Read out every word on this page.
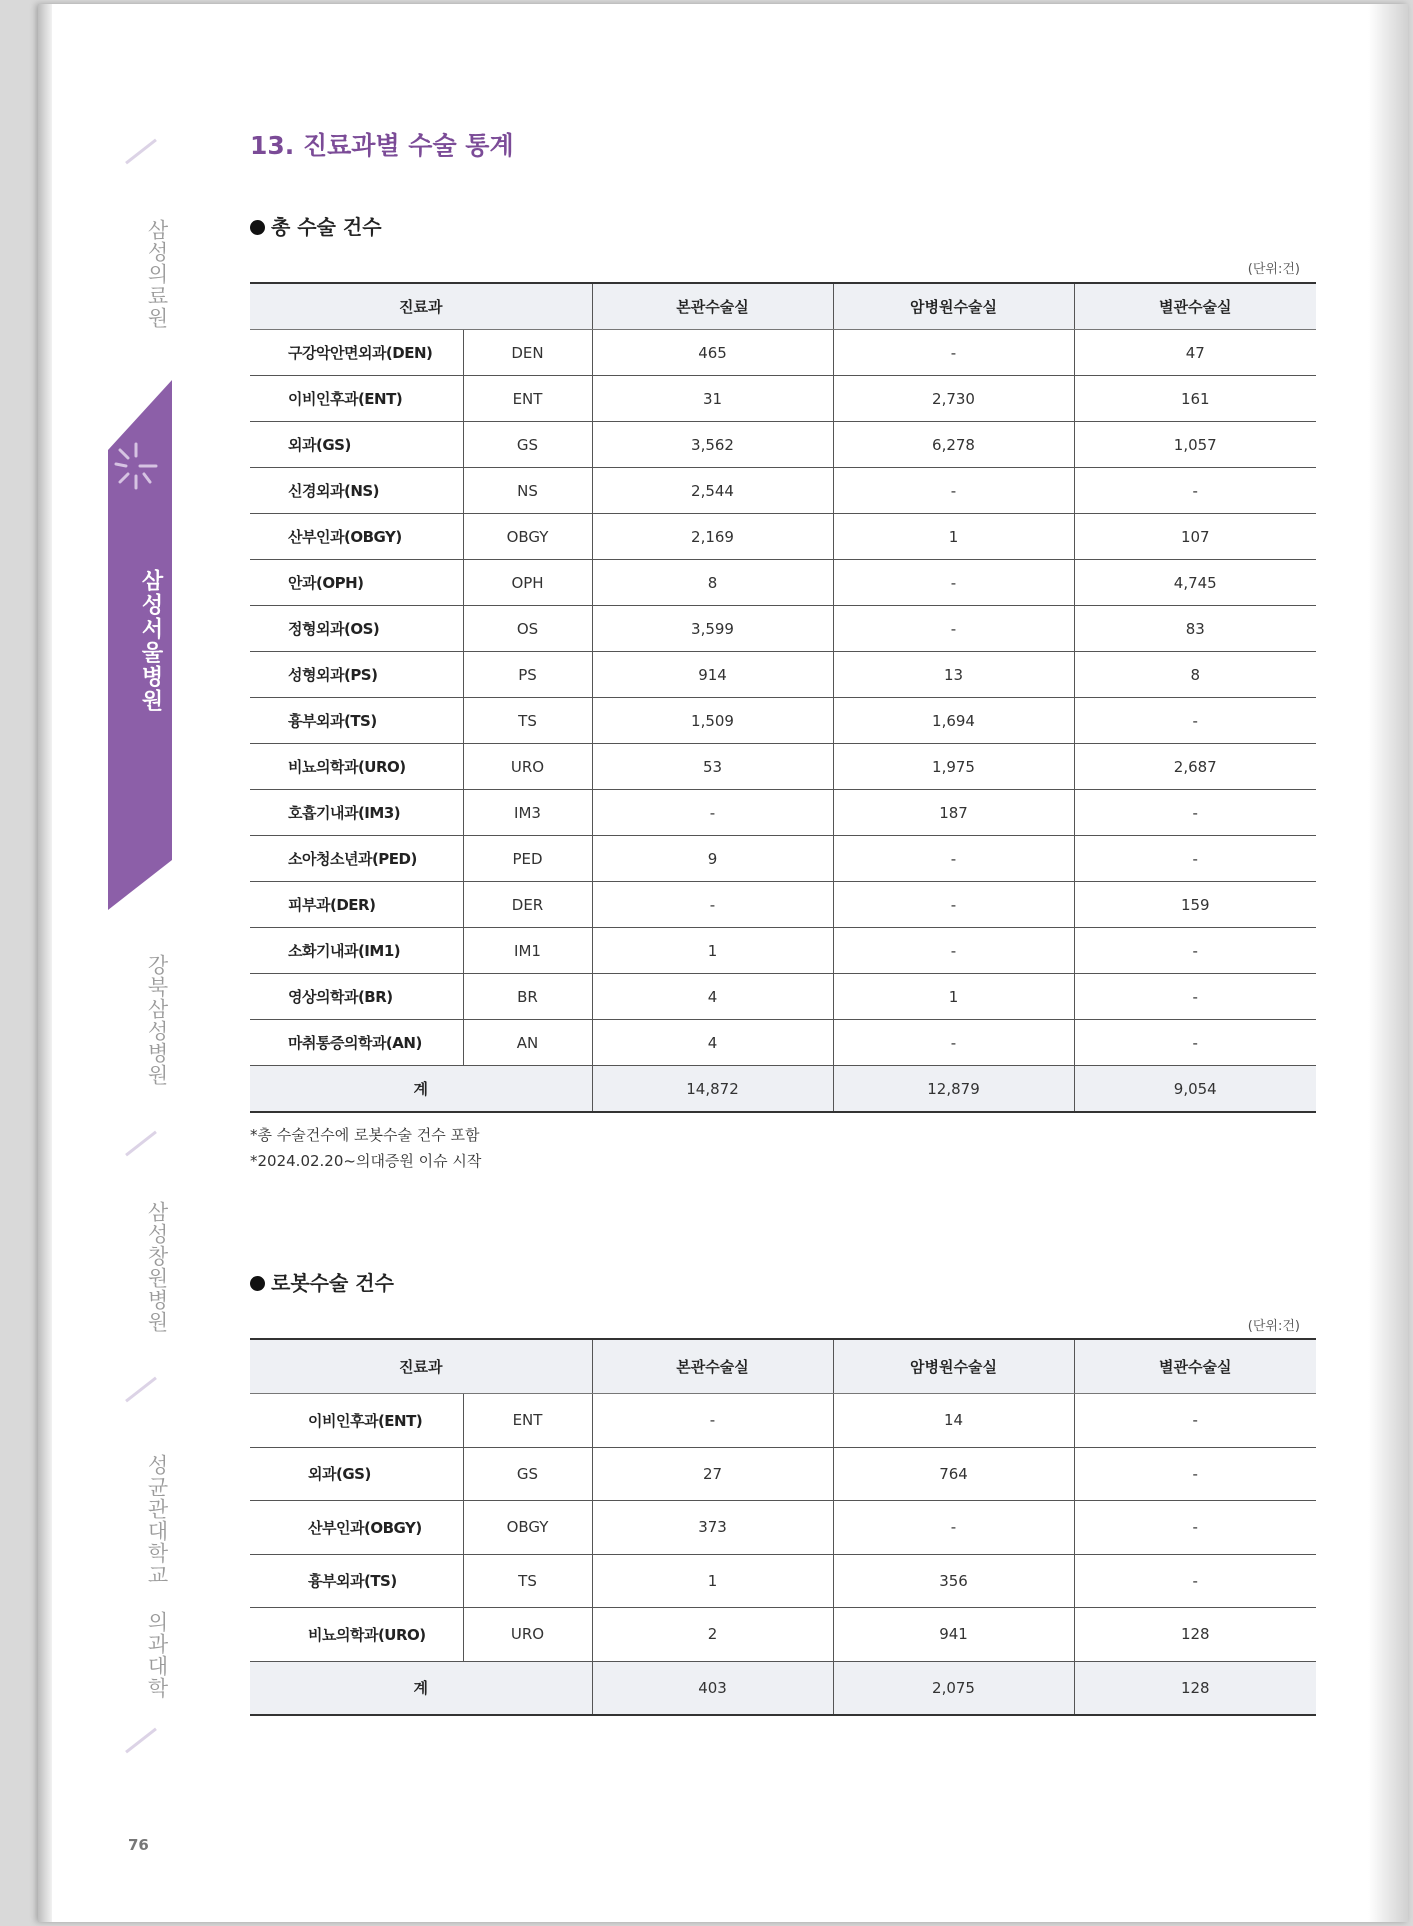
삼성의료원
삼성서울병원
강북삼성병원
삼성창원병원
성균관대학교 의과대학
76
13. 진료과별 수술 통계
총 수술 건수
(단위:건)
진료과		본관수술실	암병원수술실	별관수술실
구강악안면외과(DEN)	DEN	465	-	47
이비인후과(ENT)	ENT	31	2,730	161
외과(GS)	GS	3,562	6,278	1,057
신경외과(NS)	NS	2,544	-	-
산부인과(OBGY)	OBGY	2,169	1	107
안과(OPH)	OPH	8	-	4,745
정형외과(OS)	OS	3,599	-	83
성형외과(PS)	PS	914	13	8
흉부외과(TS)	TS	1,509	1,694	-
비뇨의학과(URO)	URO	53	1,975	2,687
호흡기내과(IM3)	IM3	-	187	-
소아청소년과(PED)	PED	9	-	-
피부과(DER)	DER	-	-	159
소화기내과(IM1)	IM1	1	-	-
영상의학과(BR)	BR	4	1	-
마취통증의학과(AN)	AN	4	-	-
계		14,872	12,879	9,054
*총 수술건수에 로봇수술 건수 포함
*2024.02.20~의대증원 이슈 시작
로봇수술 건수
(단위:건)
진료과		본관수술실	암병원수술실	별관수술실
이비인후과(ENT)	ENT	-	14	-
외과(GS)	GS	27	764	-
산부인과(OBGY)	OBGY	373	-	-
흉부외과(TS)	TS	1	356	-
비뇨의학과(URO)	URO	2	941	128
계		403	2,075	128
